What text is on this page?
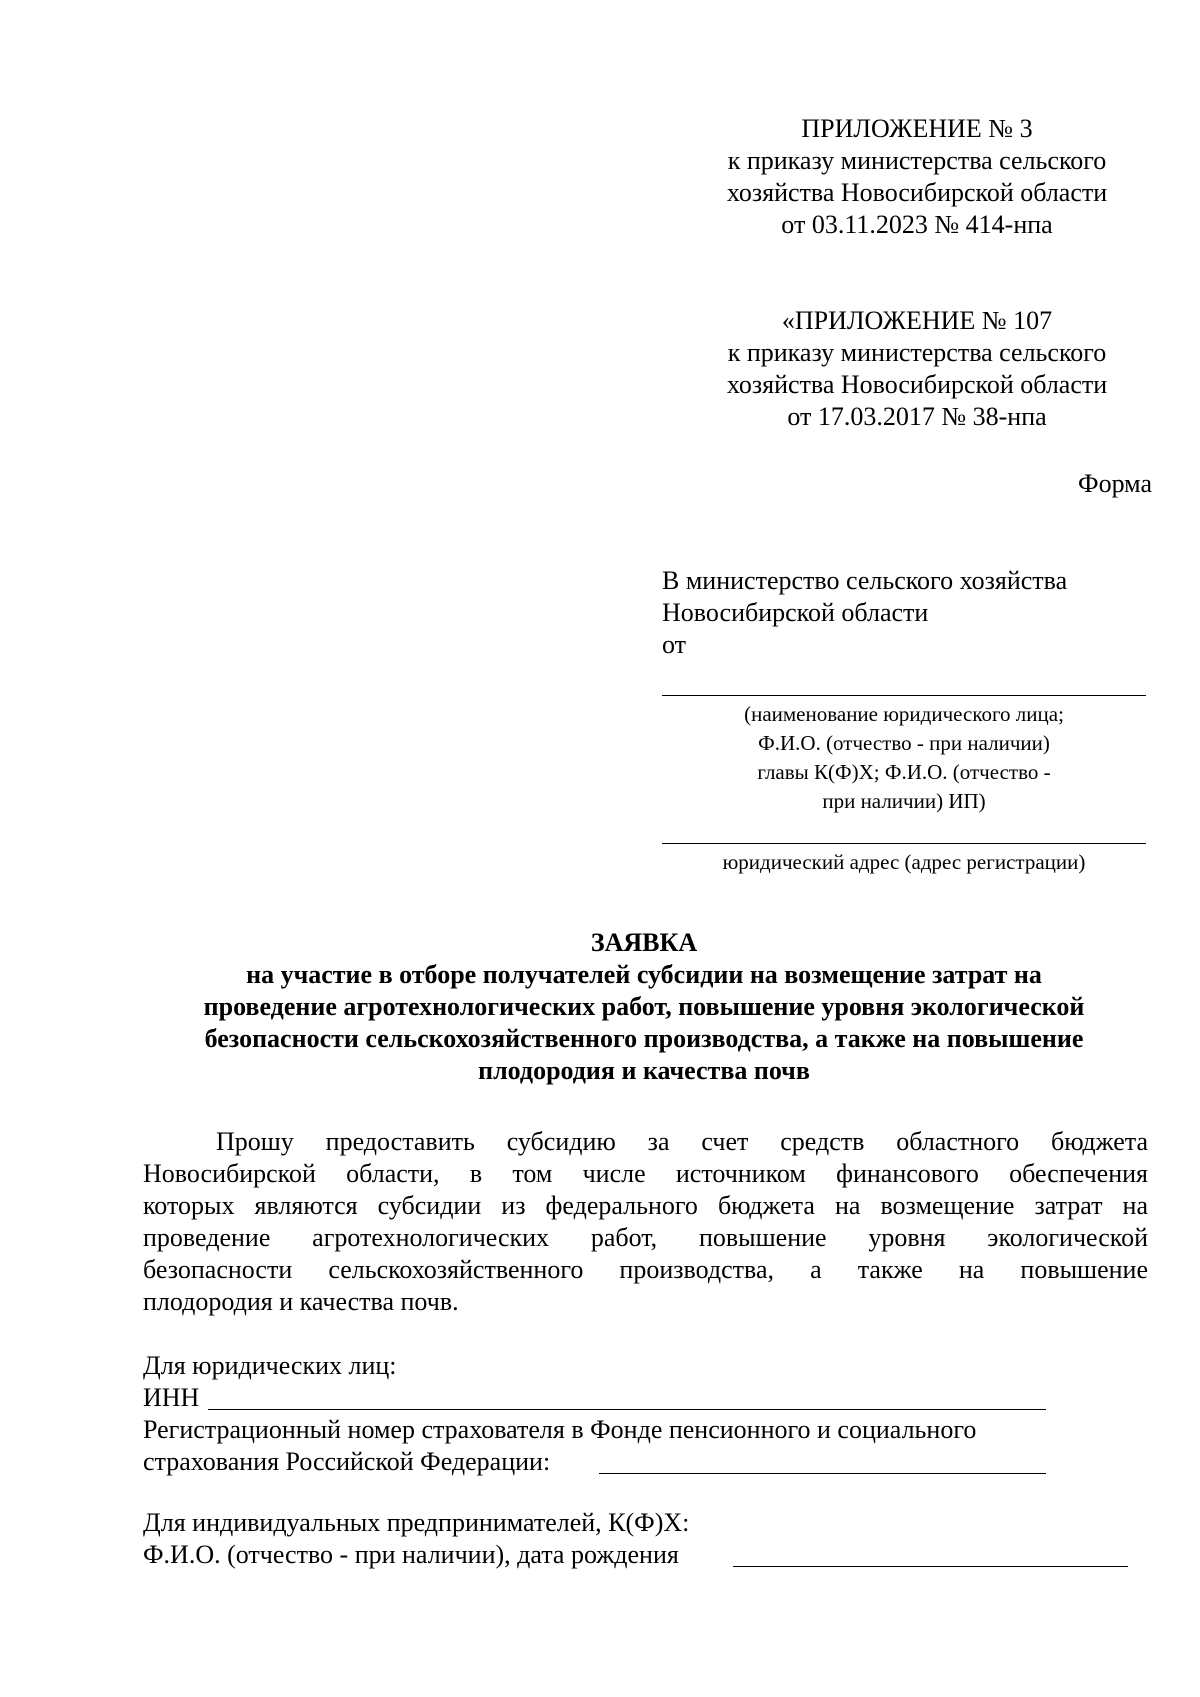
ПРИЛОЖЕНИЕ № 3
к приказу министерства сельского
хозяйства Новосибирской области
от 03.11.2023 № 414-нпа
«ПРИЛОЖЕНИЕ № 107
к приказу министерства сельского
хозяйства Новосибирской области
от 17.03.2017 № 38-нпа
Форма
В министерство сельского хозяйства
Новосибирской области
от
(наименование юридического лица;
Ф.И.О. (отчество - при наличии)
главы К(Ф)Х; Ф.И.О. (отчество -
при наличии) ИП)
юридический адрес (адрес регистрации)
ЗАЯВКА
на участие в отборе получателей субсидии на возмещение затрат на
проведение агротехнологических работ, повышение уровня экологической
безопасности сельскохозяйственного производства, а также на повышение
плодородия и качества почв
Прошу предоставить субсидию за счет средств областного бюджета
Новосибирской области, в том числе источником финансового обеспечения
которых являются субсидии из федерального бюджета на возмещение затрат на
проведение агротехнологических работ, повышение уровня экологической
безопасности сельскохозяйственного производства, а также на повышение
плодородия и качества почв.
Для юридических лиц:
ИНН
Регистрационный номер страхователя в Фонде пенсионного и социального
страхования Российской Федерации:
Для индивидуальных предпринимателей, К(Ф)Х:
Ф.И.О. (отчество - при наличии), дата рождения
